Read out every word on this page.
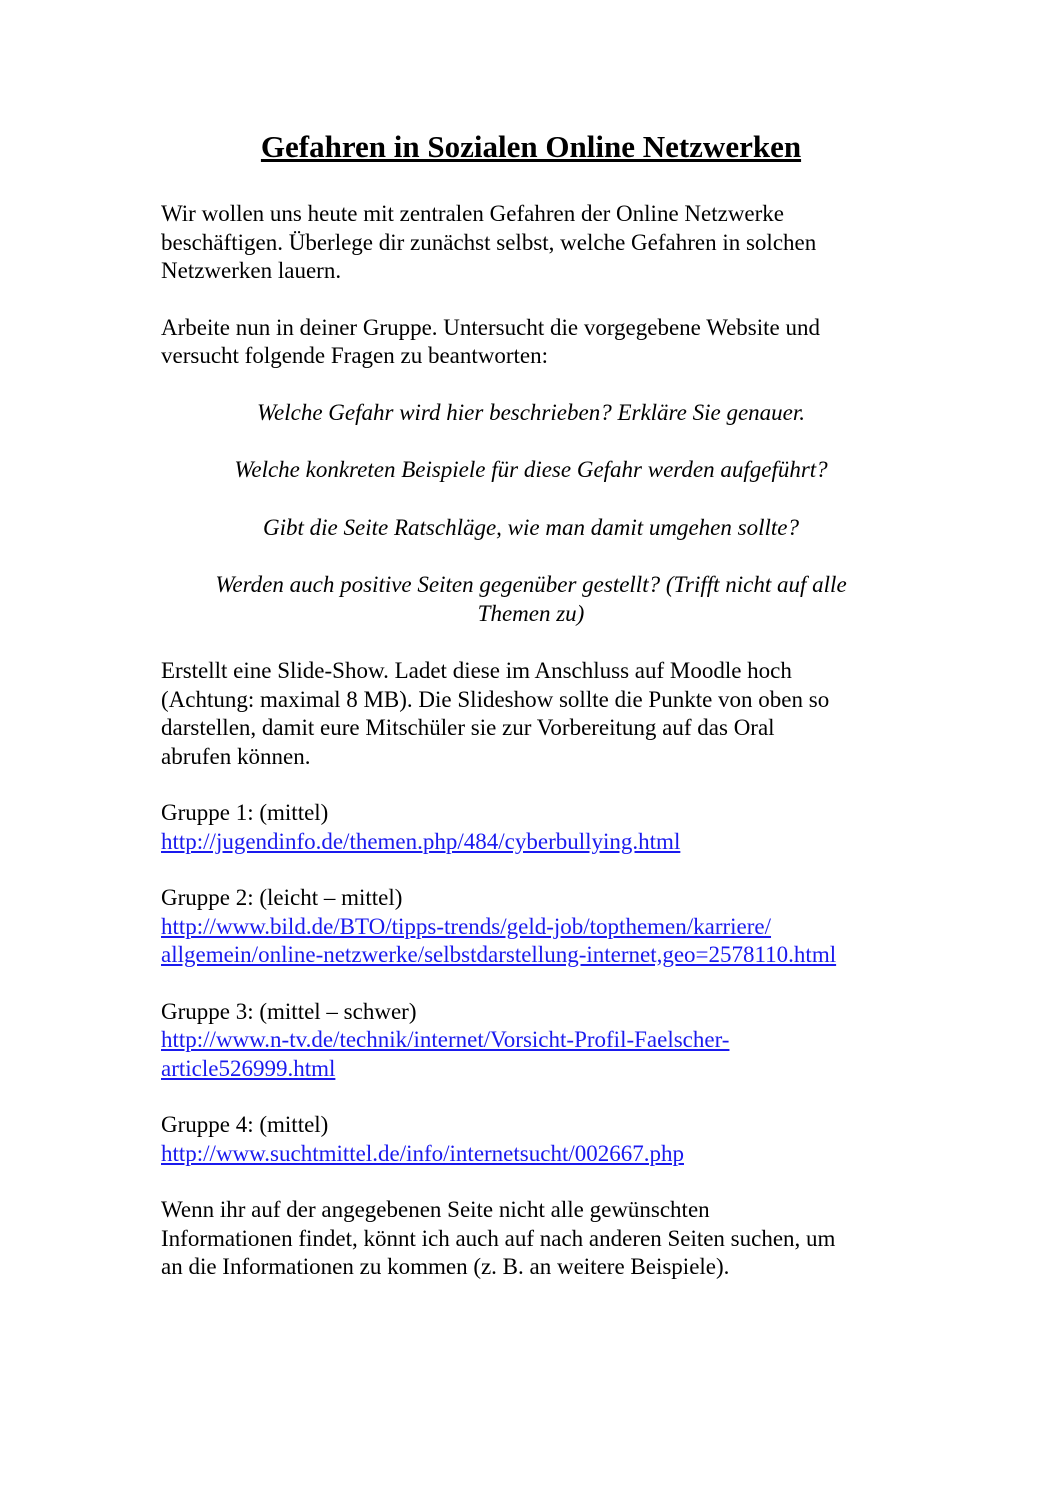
Gefahren in Sozialen Online Netzwerken

Wir wollen uns heute mit zentralen Gefahren der Online Netzwerke
beschäftigen. Überlege dir zunächst selbst, welche Gefahren in solchen
Netzwerken lauern.

Arbeite nun in deiner Gruppe. Untersucht die vorgegebene Website und
versucht folgende Fragen zu beantworten:

Welche Gefahr wird hier beschrieben? Erkläre Sie genauer.

Welche konkreten Beispiele für diese Gefahr werden aufgeführt?

Gibt die Seite Ratschläge, wie man damit umgehen sollte?

Werden auch positive Seiten gegenüber gestellt? (Trifft nicht auf alle
Themen zu)

Erstellt eine Slide-Show. Ladet diese im Anschluss auf Moodle hoch
(Achtung: maximal 8 MB). Die Slideshow sollte die Punkte von oben so
darstellen, damit eure Mitschüler sie zur Vorbereitung auf das Oral
abrufen können.

Gruppe 1: (mittel)
http://jugendinfo.de/themen.php/484/cyberbullying.html
Gruppe 2: (leicht – mittel)
http://www.bild.de/BTO/tipps-trends/geld-job/topthemen/karriere/
allgemein/online-netzwerke/selbstdarstellung-internet,geo=2578110.html
Gruppe 3: (mittel – schwer)
http://www.n-tv.de/technik/internet/Vorsicht-Profil-Faelscher-
article526999.html
Gruppe 4: (mittel)
http://www.suchtmittel.de/info/internetsucht/002667.php

Wenn ihr auf der angegebenen Seite nicht alle gewünschten
Informationen findet, könnt ich auch auf nach anderen Seiten suchen, um
an die Informationen zu kommen (z. B. an weitere Beispiele).
